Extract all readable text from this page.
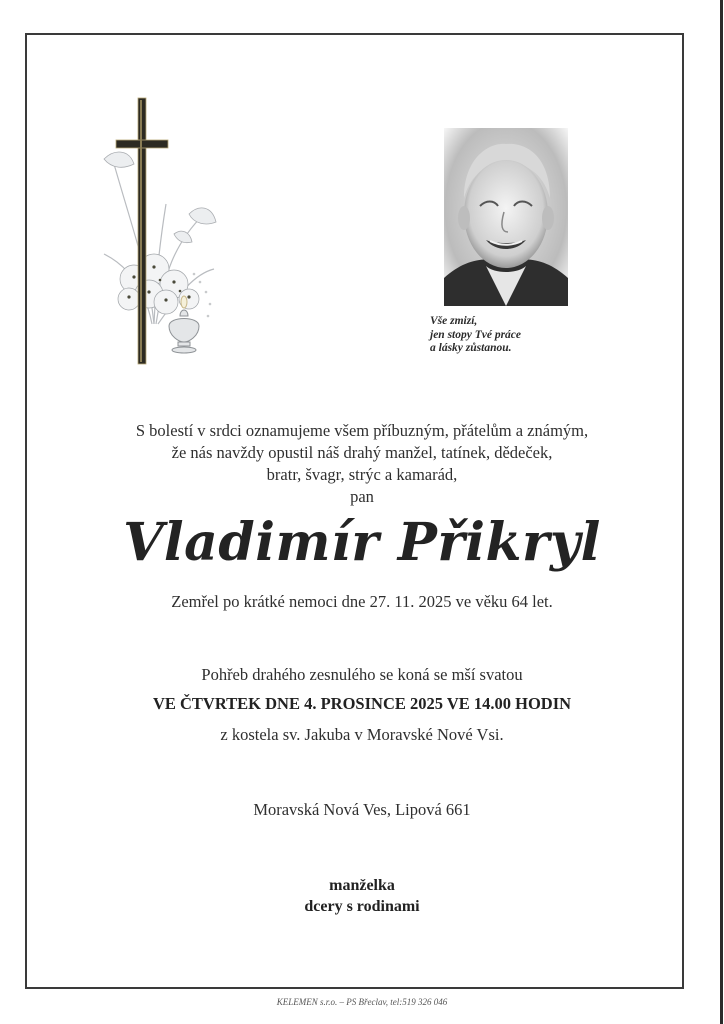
Vše zmizí,
jen stopy Tvé práce
a lásky zůstanou.
S bolestí v srdci oznamujeme všem příbuzným, přátelům a známým,
že nás navždy opustil náš drahý manžel, tatínek, dědeček,
bratr, švagr, strýc a kamarád,
pan
Vladimír Přikryl
Zemřel po krátké nemoci dne 27. 11. 2025 ve věku 64 let.
Pohřeb drahého zesnulého se koná se mší svatou
VE ČTVRTEK DNE 4. PROSINCE 2025 VE 14.00 HODIN
z kostela sv. Jakuba v Moravské Nové Vsi.
Moravská Nová Ves, Lipová 661
manželka
dcery s rodinami
KELEMEN s.r.o. – PS Břeclav, tel:519 326 046
